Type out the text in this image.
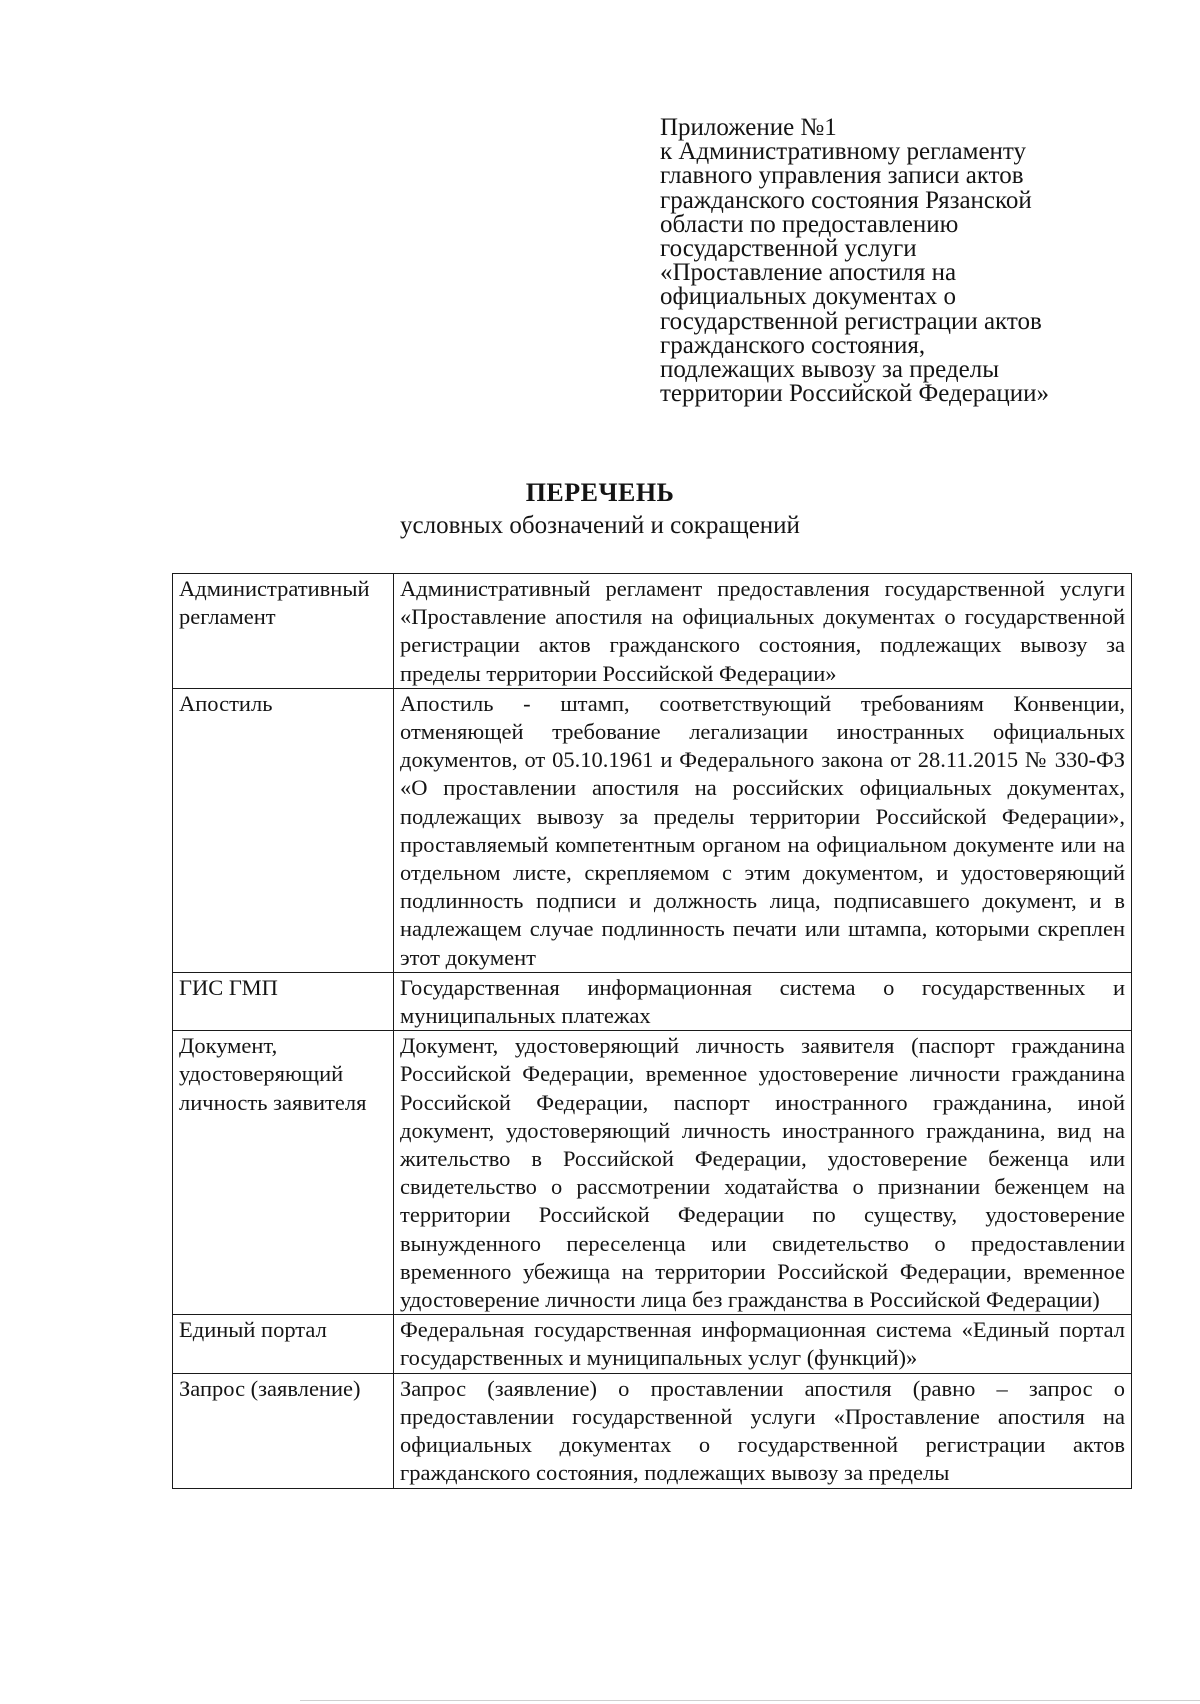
Приложение №1
к Административному регламенту
главного управления записи актов
гражданского состояния Рязанской
области по предоставлению
государственной услуги
«Проставление апостиля на
официальных документах о
государственной регистрации актов
гражданского состояния,
подлежащих вывозу за пределы
территории Российской Федерации»
ПЕРЕЧЕНЬ
условных обозначений и сокращений
Административный регламент	Административный регламент предоставления государственной услуги «Проставление апостиля на официальных документах о государственной регистрации актов гражданского состояния, подлежащих вывозу за пределы территории Российской Федерации»
Апостиль	Апостиль - штамп, соответствующий требованиям Конвенции, отменяющей требование легализации иностранных официальных документов, от 05.10.1961 и Федерального закона от 28.11.2015 № 330-ФЗ «О проставлении апостиля на российских официальных документах, подлежащих вывозу за пределы территории Российской Федерации», проставляемый компетентным органом на официальном документе или на отдельном листе, скрепляемом с этим документом, и удостоверяющий подлинность подписи и должность лица, подписавшего документ, и в надлежащем случае подлинность печати или штампа, которыми скреплен этот документ
ГИС ГМП	Государственная информационная система о государственных и муниципальных платежах
Документ, удостоверяющий личность заявителя	Документ, удостоверяющий личность заявителя (паспорт гражданина Российской Федерации, временное удостоверение личности гражданина Российской Федерации, паспорт иностранного гражданина, иной документ, удостоверяющий личность иностранного гражданина, вид на жительство в Российской Федерации, удостоверение беженца или свидетельство о рассмотрении ходатайства о признании беженцем на территории Российской Федерации по существу, удостоверение вынужденного переселенца или свидетельство о предоставлении временного убежища на территории Российской Федерации, временное удостоверение личности лица без гражданства в Российской Федерации)
Единый портал	Федеральная государственная информационная система «Единый портал государственных и муниципальных услуг (функций)»
Запрос (заявление)	Запрос (заявление) о проставлении апостиля (равно – запрос о предоставлении государственной услуги «Проставление апостиля на официальных документах о государственной регистрации актов гражданского состояния, подлежащих вывозу за пределы
